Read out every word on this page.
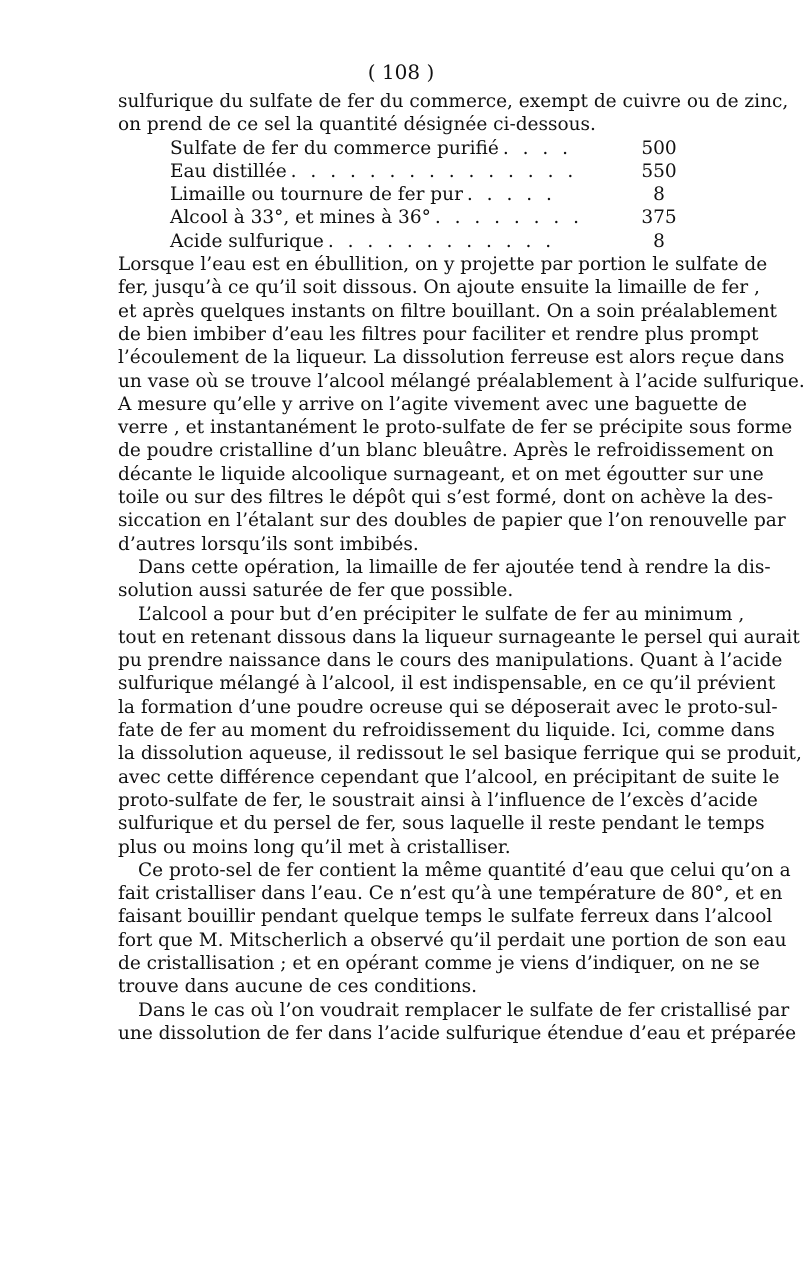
( 108 )
sulfurique du sulfate de fer du commerce, exempt de cuivre ou de zinc,
on prend de ce sel la quantité désignée ci-dessous.
Sulfate de fer du commerce purifié . . . .	500
Eau distillée . . . . . . . . . . . . . . .	550
Limaille ou tournure de fer pur . . . . .	8
Alcool à 33°, et mines à 36° . . . . . . . .	375
Acide sulfurique . . . . . . . . . . . .	8
Lorsque l’eau est en ébullition, on y projette par portion le sulfate de
fer, jusqu’à ce qu’il soit dissous. On ajoute ensuite la limaille de fer ,
et après quelques instants on filtre bouillant. On a soin préalablement
de bien imbiber d’eau les filtres pour faciliter et rendre plus prompt
l’écoulement de la liqueur. La dissolution ferreuse est alors reçue dans
un vase où se trouve l’alcool mélangé préalablement à l’acide sulfurique.
A mesure qu’elle y arrive on l’agite vivement avec une baguette de
verre , et instantanément le proto-sulfate de fer se précipite sous forme
de poudre cristalline d’un blanc bleuâtre. Après le refroidissement on
décante le liquide alcoolique surnageant, et on met égoutter sur une
toile ou sur des filtres le dépôt qui s’est formé, dont on achève la des-
siccation en l’étalant sur des doubles de papier que l’on renouvelle par
d’autres lorsqu’ils sont imbibés.
Dans cette opération, la limaille de fer ajoutée tend à rendre la dis-
solution aussi saturée de fer que possible.
L’alcool a pour but d’en précipiter le sulfate de fer au minimum ,
tout en retenant dissous dans la liqueur surnageante le persel qui aurait
pu prendre naissance dans le cours des manipulations. Quant à l’acide
sulfurique mélangé à l’alcool, il est indispensable, en ce qu’il prévient
la formation d’une poudre ocreuse qui se déposerait avec le proto-sul-
fate de fer au moment du refroidissement du liquide. Ici, comme dans
la dissolution aqueuse, il redissout le sel basique ferrique qui se produit,
avec cette différence cependant que l’alcool, en précipitant de suite le
proto-sulfate de fer, le soustrait ainsi à l’influence de l’excès d’acide
sulfurique et du persel de fer, sous laquelle il reste pendant le temps
plus ou moins long qu’il met à cristalliser.
Ce proto-sel de fer contient la même quantité d’eau que celui qu’on a
fait cristalliser dans l’eau. Ce n’est qu’à une température de 80°, et en
faisant bouillir pendant quelque temps le sulfate ferreux dans l’alcool
fort que M. Mitscherlich a observé qu’il perdait une portion de son eau
de cristallisation ; et en opérant comme je viens d’indiquer, on ne se
trouve dans aucune de ces conditions.
Dans le cas où l’on voudrait remplacer le sulfate de fer cristallisé par
une dissolution de fer dans l’acide sulfurique étendue d’eau et préparée
